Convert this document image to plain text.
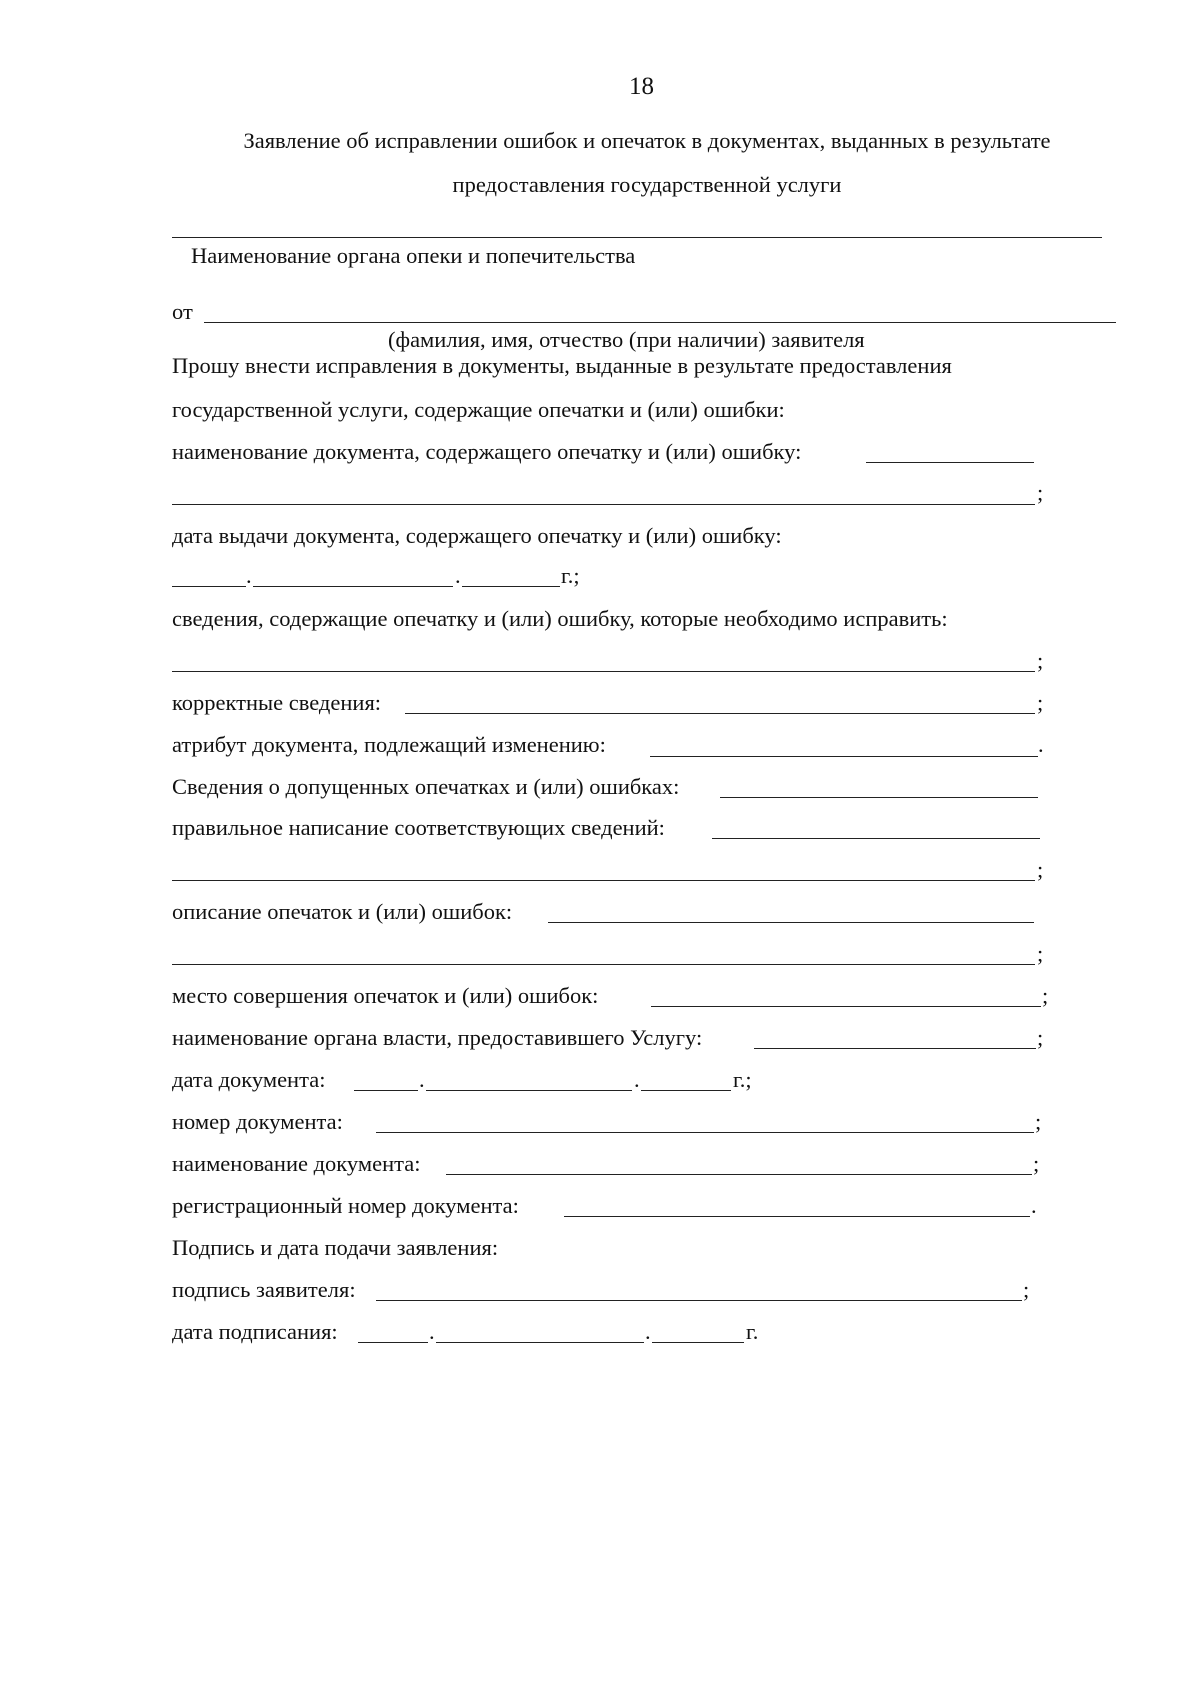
18
Заявление об исправлении ошибок и опечаток в документах, выданных в результате
предоставления государственной услуги
Наименование органа опеки и попечительства
от
(фамилия, имя, отчество (при наличии) заявителя
Прошу внести исправления в документы, выданные в результате предоставления
государственной услуги, содержащие опечатки и (или) ошибки:
наименование документа, содержащего опечатку и (или) ошибку:
;
дата выдачи документа, содержащего опечатку и (или) ошибку:
.	.	г.;
сведения, содержащие опечатку и (или) ошибку, которые необходимо исправить:
;
корректные сведения:	;
атрибут документа, подлежащий изменению:	.
Сведения о допущенных опечатках и (или) ошибках:
правильное написание соответствующих сведений:
;
описание опечаток и (или) ошибок:
;
место совершения опечаток и (или) ошибок:	;
наименование органа власти, предоставившего Услугу:	;
дата документа:	.	.	г.;
номер документа:	;
наименование документа:	;
регистрационный номер документа:	.
Подпись и дата подачи заявления:
подпись заявителя:	;
дата подписания:	.	.	г.
